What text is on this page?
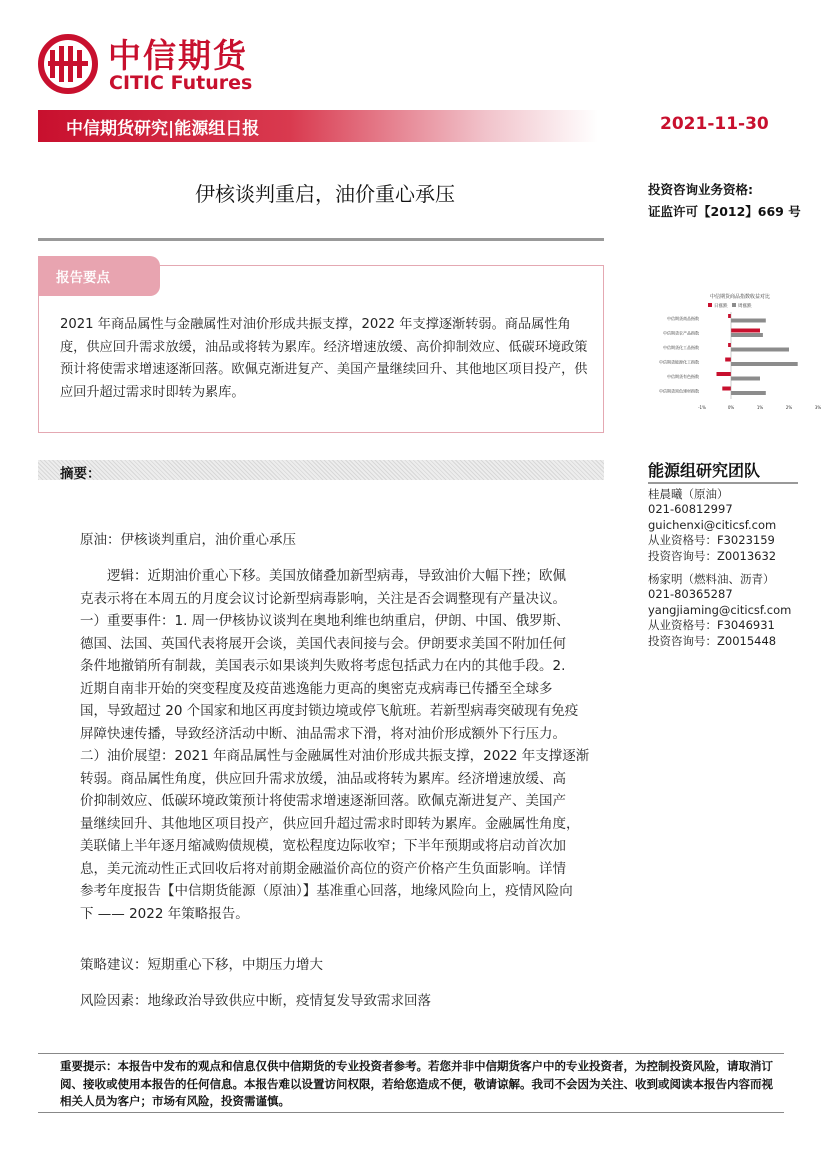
中信期货
CITIC Futures
中信期货研究|能源组日报	2021-11-30
伊核谈判重启，油价重心承压	投资咨询业务资格:
证监许可【2012】669 号
报告要点
2021 年商品属性与金融属性对油价形成共振支撑，2022 年支撑逐渐转弱。商品属性角度，供应回升需求放缓，油品或将转为累库。经济增速放缓、高价抑制效应、低碳环境政策预计将使需求增速逐渐回落。欧佩克渐进复产、美国产量继续回升、其他地区项目投产，供应回升超过需求时即转为累库。
中信期货商品指数收益对比
日涨跌 周涨跌
中信期货商品指数
中信期货农产品指数
中信期货化工品指数
中信期货能源化工指数
中信期货有色指数
中信期货黑色建材指数
-1%	0%	1%	2%	3%
摘要：
原油：伊核谈判重启，油价重心承压
逻辑：近期油价重心下移。美国放储叠加新型病毒，导致油价大幅下挫；欧佩
克表示将在本周五的月度会议讨论新型病毒影响，关注是否会调整现有产量决议。
一）重要事件：1. 周一伊核协议谈判在奥地利维也纳重启，伊朗、中国、俄罗斯、
德国、法国、英国代表将展开会谈，美国代表间接与会。伊朗要求美国不附加任何
条件地撤销所有制裁，美国表示如果谈判失败将考虑包括武力在内的其他手段。2.
近期自南非开始的突变程度及疫苗逃逸能力更高的奥密克戎病毒已传播至全球多
国，导致超过 20 个国家和地区再度封锁边境或停飞航班。若新型病毒突破现有免疫
屏障快速传播，导致经济活动中断、油品需求下滑，将对油价形成额外下行压力。
二）油价展望：2021 年商品属性与金融属性对油价形成共振支撑，2022 年支撑逐渐
转弱。商品属性角度，供应回升需求放缓，油品或将转为累库。经济增速放缓、高
价抑制效应、低碳环境政策预计将使需求增速逐渐回落。欧佩克渐进复产、美国产
量继续回升、其他地区项目投产，供应回升超过需求时即转为累库。金融属性角度，
美联储上半年逐月缩减购债规模，宽松程度边际收窄；下半年预期或将启动首次加
息，美元流动性正式回收后将对前期金融溢价高位的资产价格产生负面影响。详情
参考年度报告【中信期货能源（原油）】基准重心回落，地缘风险向上，疫情风险向
下 —— 2022 年策略报告。
策略建议：短期重心下移，中期压力增大
风险因素：地缘政治导致供应中断，疫情复发导致需求回落
能源组研究团队
桂晨曦（原油）
021-60812997
guichenxi@citicsf.com
从业资格号：F3023159
投资咨询号：Z0013632
杨家明（燃料油、沥青）
021-80365287
yangjiaming@citicsf.com
从业资格号：F3046931
投资咨询号：Z0015448
重要提示：本报告中发布的观点和信息仅供中信期货的专业投资者参考。若您并非中信期货客户中的专业投资者，为控制投资风险，请取消订阅、接收或使用本报告的任何信息。本报告难以设置访问权限，若给您造成不便，敬请谅解。我司不会因为关注、收到或阅读本报告内容而视相关人员为客户；市场有风险，投资需谨慎。
